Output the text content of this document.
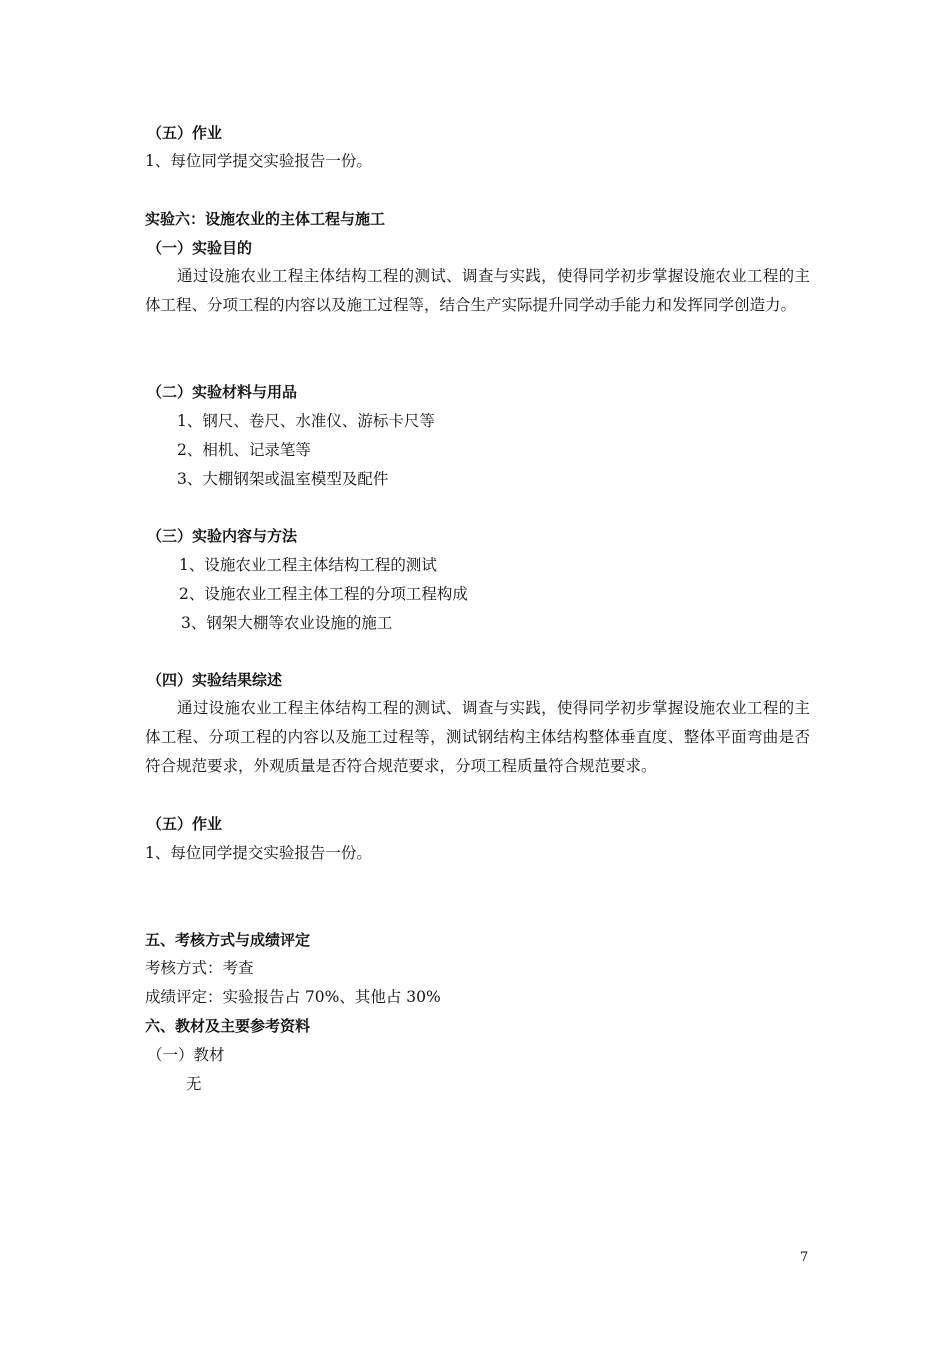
（五）作业
1、每位同学提交实验报告一份。
实验六：设施农业的主体工程与施工
（一）实验目的
通过设施农业工程主体结构工程的测试、调查与实践，使得同学初步掌握设施农业工程的主体工程、分项工程的内容以及施工过程等，结合生产实际提升同学动手能力和发挥同学创造力。
（二）实验材料与用品
1、钢尺、卷尺、水准仪、游标卡尺等
2、相机、记录笔等
3、大棚钢架或温室模型及配件
（三）实验内容与方法
1、设施农业工程主体结构工程的测试
2、设施农业工程主体工程的分项工程构成
3、钢架大棚等农业设施的施工
（四）实验结果综述
通过设施农业工程主体结构工程的测试、调查与实践，使得同学初步掌握设施农业工程的主体工程、分项工程的内容以及施工过程等，测试钢结构主体结构整体垂直度、整体平面弯曲是否符合规范要求，外观质量是否符合规范要求，分项工程质量符合规范要求。
（五）作业
1、每位同学提交实验报告一份。
五、考核方式与成绩评定
考核方式：考查
成绩评定：实验报告占 70%、其他占 30%
六、教材及主要参考资料
（一）教材
无
7
